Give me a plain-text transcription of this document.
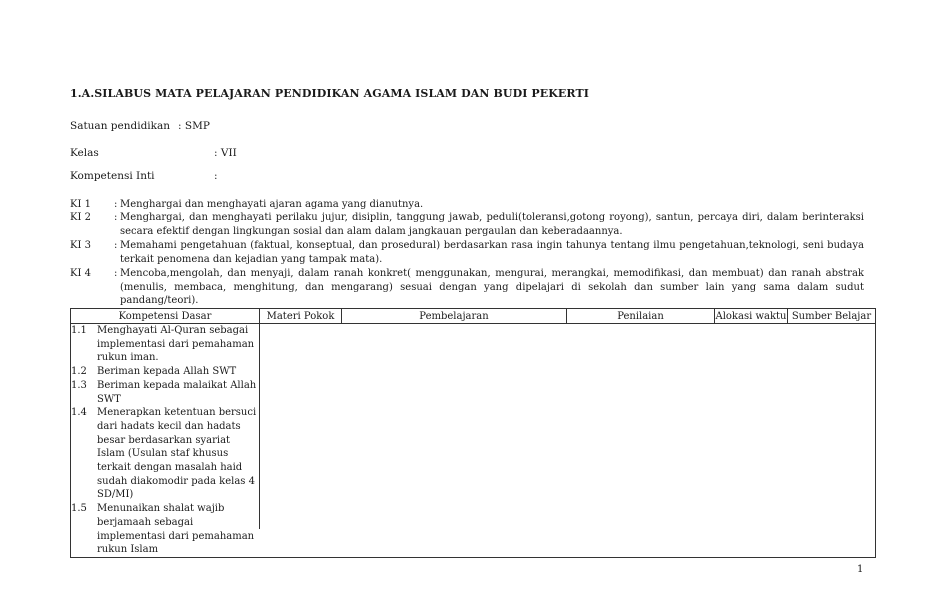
1.A.SILABUS MATA PELAJARAN PENDIDIKAN AGAMA ISLAM DAN BUDI PEKERTI
Satuan pendidikan : SMP
Kelas	: VII
Kompetensi Inti	:
KI 1	: Menghargai dan menghayati ajaran agama yang dianutnya.
KI 2	: Menghargai, dan menghayati perilaku jujur, disiplin, tanggung jawab, peduli(toleransi,gotong royong), santun, percaya diri, dalam berinteraksi secara efektif dengan lingkungan sosial dan alam dalam jangkauan pergaulan dan keberadaannya.
KI 3	: Memahami pengetahuan (faktual, konseptual, dan prosedural) berdasarkan rasa ingin tahunya tentang ilmu pengetahuan,teknologi, seni budaya terkait penomena dan kejadian yang tampak mata).
KI 4	: Mencoba,mengolah, dan menyaji, dalam ranah konkret( menggunakan, mengurai, merangkai, memodifikasi, dan membuat) dan ranah abstrak (menulis, membaca, menghitung, dan mengarang) sesuai dengan yang dipelajari di sekolah dan sumber lain yang sama dalam sudut pandang/teori).
Kompetensi Dasar	Materi Pokok	Pembelajaran	Penilaian	Alokasi waktu	Sumber Belajar

1.1 Menghayati Al-Quran sebagai implementasi dari pemahaman rukun iman.
1.2 Beriman kepada Allah SWT
1.3 Beriman kepada malaikat Allah SWT
1.4 Menerapkan ketentuan bersuci dari hadats kecil dan hadats besar berdasarkan syariat Islam (Usulan staf khusus terkait dengan masalah haid sudah diakomodir pada kelas 4 SD/MI)
1.5 Menunaikan shalat wajib berjamaah sebagai implementasi dari pemahaman rukun Islam
1
